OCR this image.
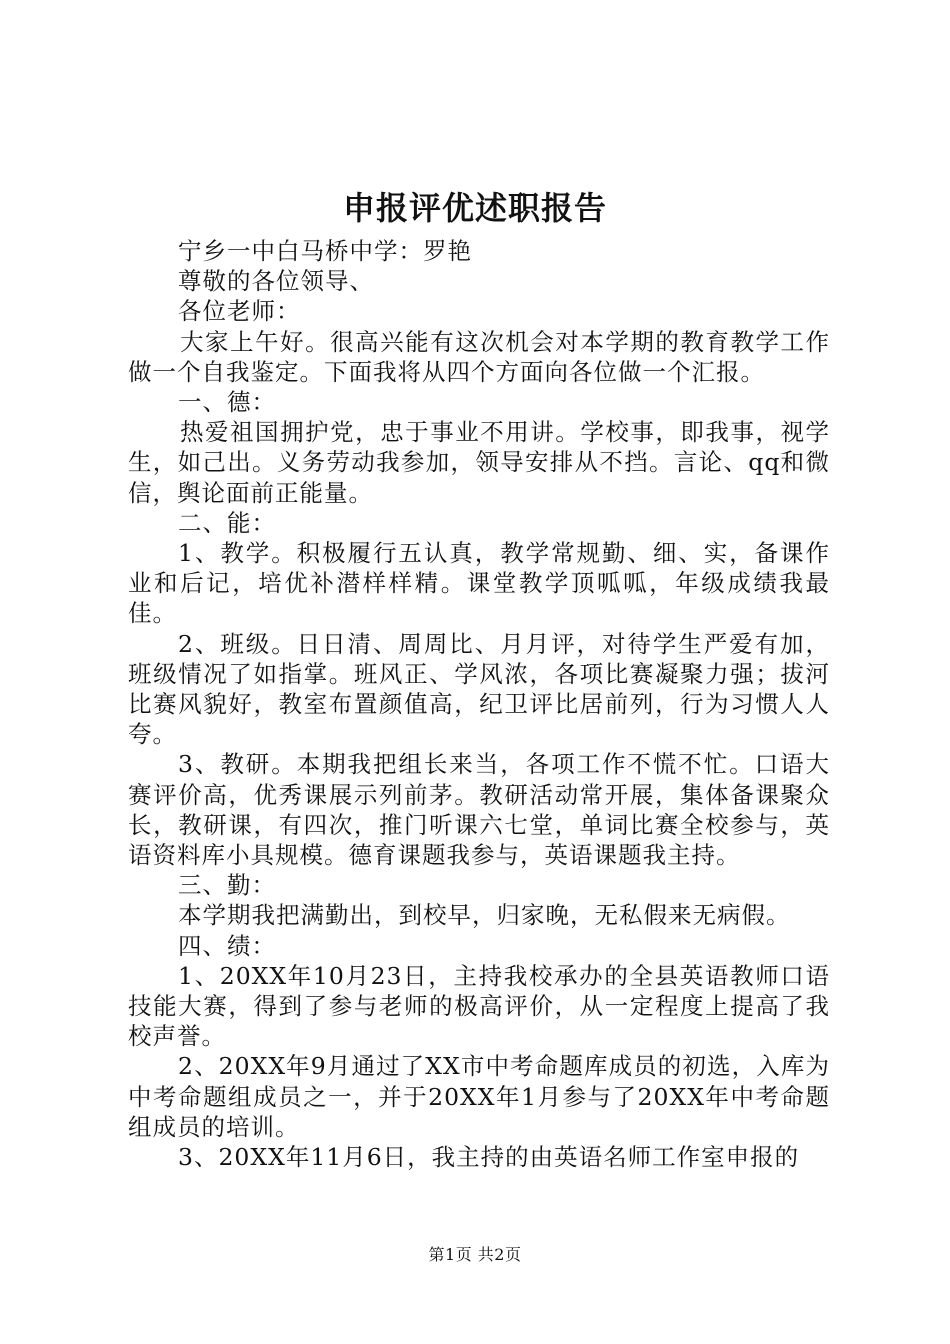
申报评优述职报告

宁乡一中白马桥中学：罗艳

尊敬的各位领导、

各位老师：

大家上午好。很高兴能有这次机会对本学期的教育教学工作做一个自我鉴定。下面我将从四个方面向各位做一个汇报。

一、德：

热爱祖国拥护党，忠于事业不用讲。学校事，即我事，视学生，如己出。义务劳动我参加，领导安排从不挡。言论、qq和微信，舆论面前正能量。

二、能：

1、教学。积极履行五认真，教学常规勤、细、实，备课作业和后记，培优补潜样样精。课堂教学顶呱呱，年级成绩我最佳。

2、班级。日日清、周周比、月月评，对待学生严爱有加，班级情况了如指掌。班风正、学风浓，各项比赛凝聚力强；拔河比赛风貌好，教室布置颜值高，纪卫评比居前列，行为习惯人人夸。

3、教研。本期我把组长来当，各项工作不慌不忙。口语大赛评价高，优秀课展示列前茅。教研活动常开展，集体备课聚众长，教研课，有四次，推门听课六七堂，单词比赛全校参与，英语资料库小具规模。德育课题我参与，英语课题我主持。

三、勤：

本学期我把满勤出，到校早，归家晚，无私假来无病假。

四、绩：

1、20XX年10月23日，主持我校承办的全县英语教师口语技能大赛，得到了参与老师的极高评价，从一定程度上提高了我校声誉。

2、20XX年9月通过了XX市中考命题库成员的初选，入库为中考命题组成员之一，并于20XX年1月参与了20XX年中考命题组成员的培训。

3、20XX年11月6日，我主持的由英语名师工作室申报的

第1页 共2页
